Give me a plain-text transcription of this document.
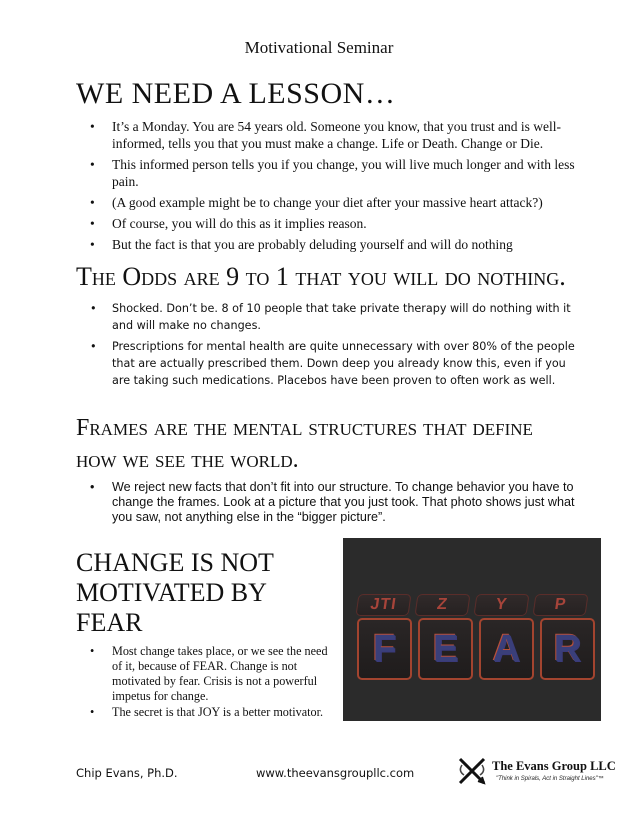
Motivational Seminar
WE NEED A LESSON…
• It’s a Monday. You are 54 years old. Someone you know, that you trust and is well-informed, tells you that you must make a change. Life or Death. Change or Die.
• This informed person tells you if you change, you will live much longer and with less pain.
• (A good example might be to change your diet after your massive heart attack?)
• Of course, you will do this as it implies reason.
• But the fact is that you are probably deluding yourself and will do nothing
The Odds are 9 to 1 that you will do nothing.
• Shocked. Don’t be. 8 of 10 people that take private therapy will do nothing with it and will make no changes.
• Prescriptions for mental health are quite unnecessary with over 80% of the people that are actually prescribed them. Down deep you already know this, even if you are taking such medications. Placebos have been proven to often work as well.
Frames are the mental structures that define how we see the world.
• We reject new facts that don’t fit into our structure. To change behavior you have to change the frames. Look at a picture that you just took. That photo shows just what you saw, not anything else in the “bigger picture”.
CHANGE IS NOT MOTIVATED BY FEAR
• Most change takes place, or we see the need of it, because of FEAR. Change is not motivated by fear. Crisis is not a powerful impetus for change.
• The secret is that JOY is a better motivator.
JTI	Z	Y	P
F E A R
Chip Evans, Ph.D.	www.theevansgroupllc.com	The Evans Group LLC
"Think in Spirals, Act in Straight Lines"™
